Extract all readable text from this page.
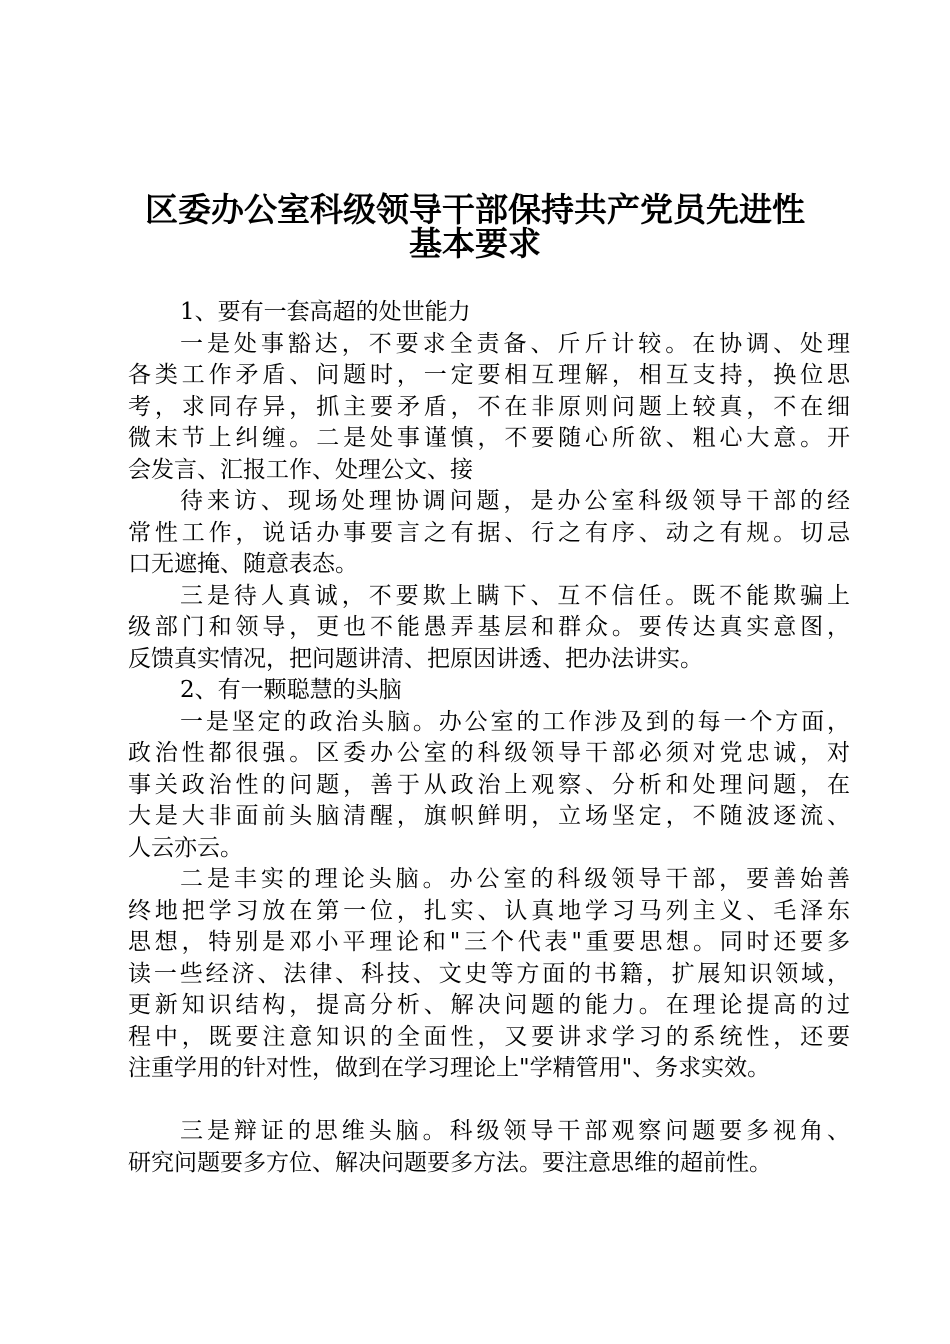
区委办公室科级领导干部保持共产党员先进性
基本要求
1、要有一套高超的处世能力
一是处事豁达，不要求全责备、斤斤计较。在协调、处理
各类工作矛盾、问题时，一定要相互理解，相互支持，换位思
考，求同存异，抓主要矛盾，不在非原则问题上较真，不在细
微末节上纠缠。二是处事谨慎，不要随心所欲、粗心大意。开
会发言、汇报工作、处理公文、接
待来访、现场处理协调问题，是办公室科级领导干部的经
常性工作，说话办事要言之有据、行之有序、动之有规。切忌
口无遮掩、随意表态。
三是待人真诚，不要欺上瞒下、互不信任。既不能欺骗上
级部门和领导，更也不能愚弄基层和群众。要传达真实意图，
反馈真实情况，把问题讲清、把原因讲透、把办法讲实。
2、有一颗聪慧的头脑
一是坚定的政治头脑。办公室的工作涉及到的每一个方面，
政治性都很强。区委办公室的科级领导干部必须对党忠诚，对
事关政治性的问题，善于从政治上观察、分析和处理问题，在
大是大非面前头脑清醒，旗帜鲜明，立场坚定，不随波逐流、
人云亦云。
二是丰实的理论头脑。办公室的科级领导干部，要善始善
终地把学习放在第一位，扎实、认真地学习马列主义、毛泽东
思想，特别是邓小平理论和"三个代表"重要思想。同时还要多
读一些经济、法律、科技、文史等方面的书籍，扩展知识领域，
更新知识结构，提高分析、解决问题的能力。在理论提高的过
程中，既要注意知识的全面性，又要讲求学习的系统性，还要
注重学用的针对性，做到在学习理论上"学精管用"、务求实效。
三是辩证的思维头脑。科级领导干部观察问题要多视角、
研究问题要多方位、解决问题要多方法。要注意思维的超前性。
